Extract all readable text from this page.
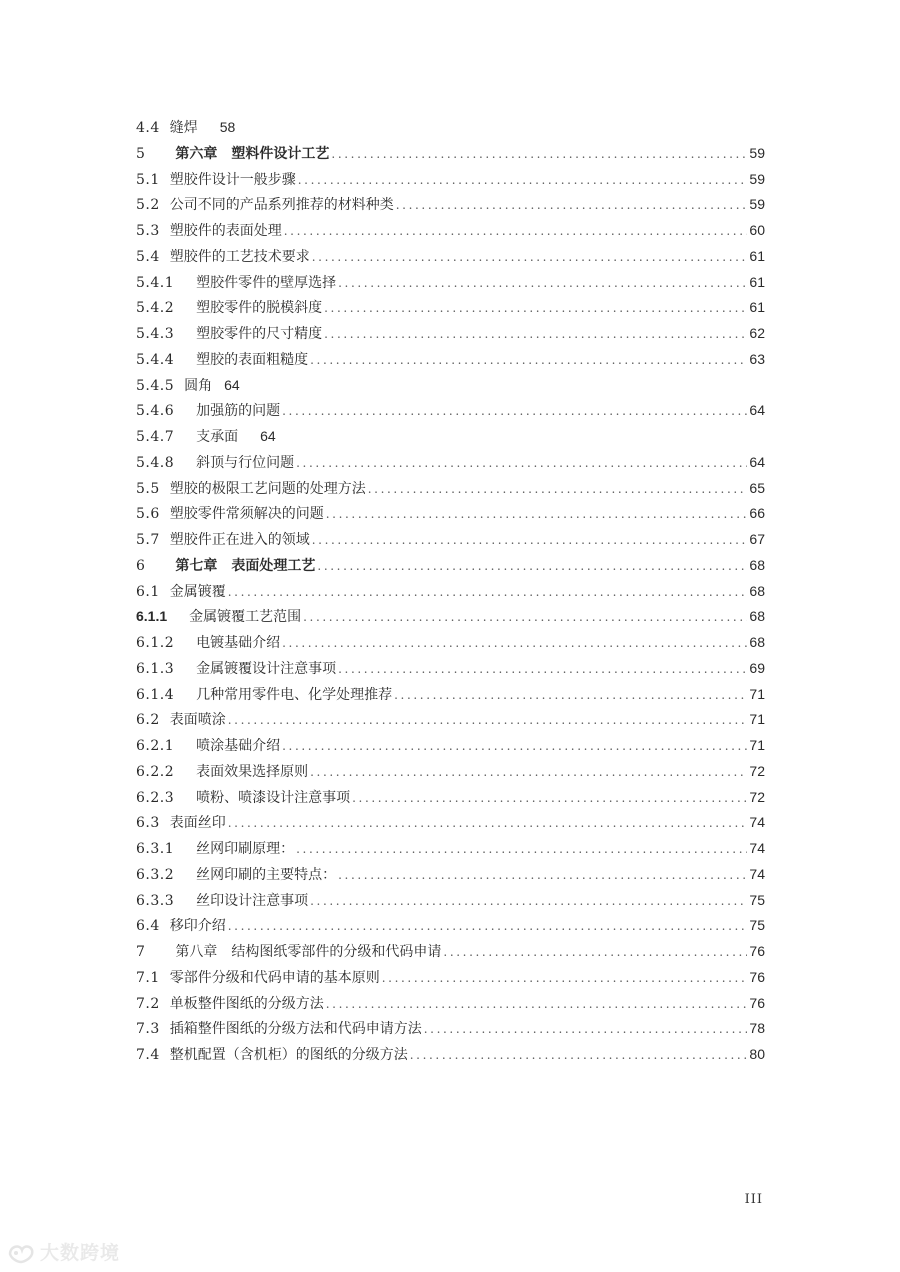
4.4 缝焊 58
5 第六章　塑料件设计工艺 .....	59
5.1 塑胶件设计一般步骤 .....	59
5.2 公司不同的产品系列推荐的材料种类 .....	59
5.3 塑胶件的表面处理 .....	60
5.4 塑胶件的工艺技术要求 .....	61
5.4.1 塑胶件零件的壁厚选择 .....	61
5.4.2 塑胶零件的脱模斜度 .....	61
5.4.3 塑胶零件的尺寸精度 .....	62
5.4.4 塑胶的表面粗糙度 .....	63
5.4.5 圆角 64
5.4.6 加强筋的问题 .....	64
5.4.7 支承面 64
5.4.8 斜顶与行位问题 .....	64
5.5 塑胶的极限工艺问题的处理方法 .....	65
5.6 塑胶零件常须解决的问题 .....	66
5.7 塑胶件正在进入的领域 .....	67
6 第七章　表面处理工艺 .....	68
6.1 金属镀覆 .....	68
6.1.1 金属镀覆工艺范围 .....	68
6.1.2 电镀基础介绍 .....	68
6.1.3 金属镀覆设计注意事项 .....	69
6.1.4 几种常用零件电、化学处理推荐 .....	71
6.2 表面喷涂 .....	71
6.2.1 喷涂基础介绍 .....	71
6.2.2 表面效果选择原则 .....	72
6.2.3 喷粉、喷漆设计注意事项 .....	72
6.3 表面丝印 .....	74
6.3.1 丝网印刷原理： .....	74
6.3.2 丝网印刷的主要特点： .....	74
6.3.3 丝印设计注意事项 .....	75
6.4 移印介绍 .....	75
7 第八章　结构图纸零部件的分级和代码申请 .....	76
7.1 零部件分级和代码申请的基本原则 .....	76
7.2 单板整件图纸的分级方法 .....	76
7.3 插箱整件图纸的分级方法和代码申请方法 .....	78
7.4 整机配置（含机柜）的图纸的分级方法 .....	80
III
大数跨境
